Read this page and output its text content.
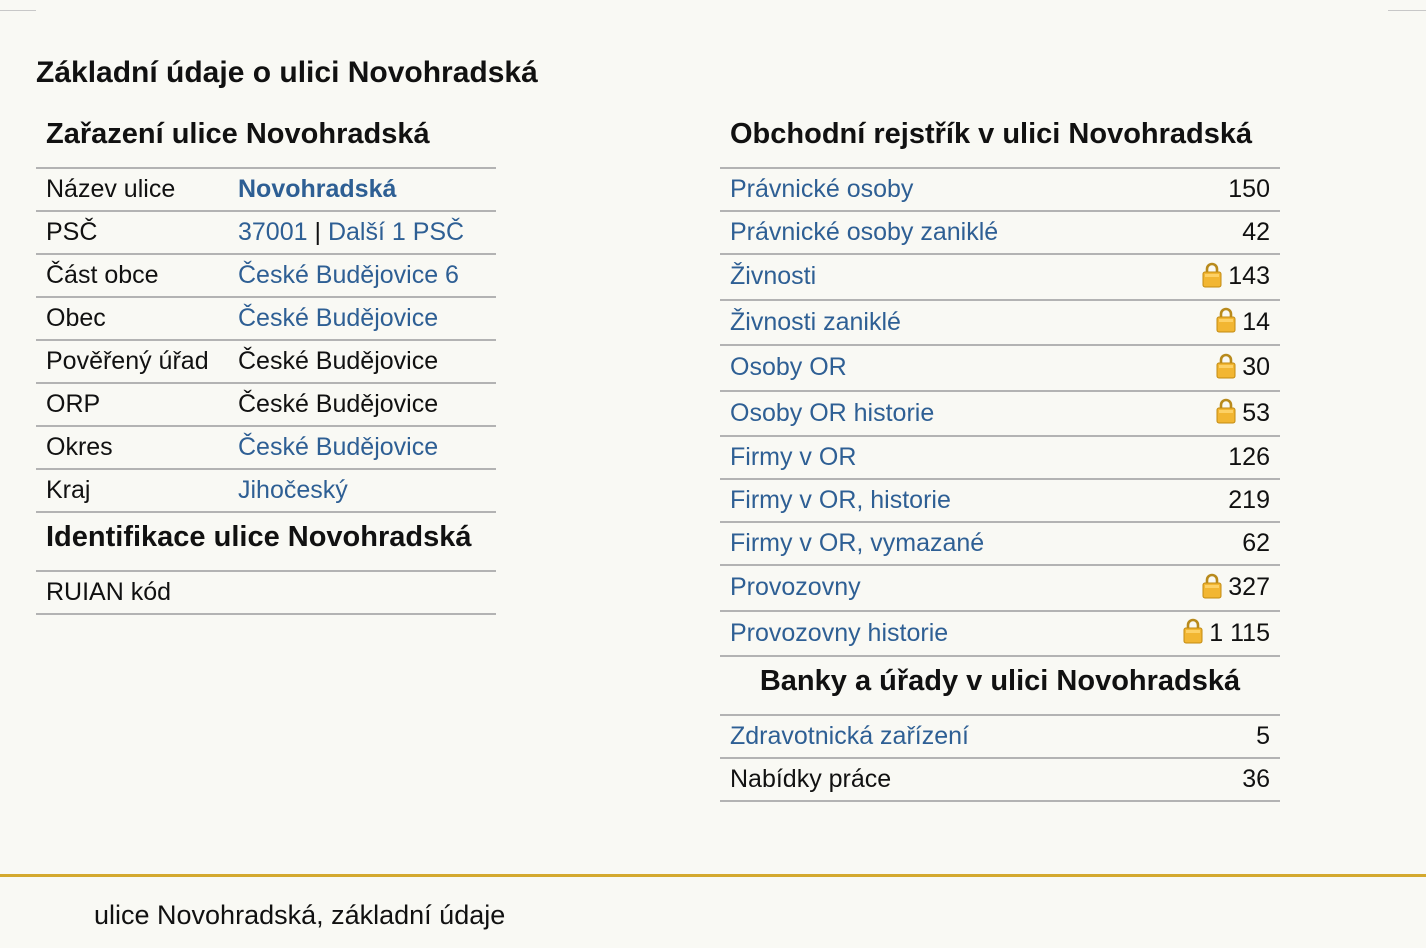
Základní údaje o ulici Novohradská
Zařazení ulice Novohradská
Název ulice	Novohradská
PSČ	37001 | Další 1 PSČ
Část obce	České Budějovice 6
Obec	České Budějovice
Pověřený úřad	České Budějovice
ORP	České Budějovice
Okres	České Budějovice
Kraj	Jihočeský
Identifikace ulice Novohradská
RUIAN kód
Obchodní rejstřík v ulici Novohradská
Právnické osoby	150
Právnické osoby zaniklé	42
Živnosti	143
Živnosti zaniklé	14
Osoby OR	30
Osoby OR historie	53
Firmy v OR	126
Firmy v OR, historie	219
Firmy v OR, vymazané	62
Provozovny	327
Provozovny historie	1 115
Banky a úřady v ulici Novohradská
Zdravotnická zařízení	5
Nabídky práce	36
ulice Novohradská, základní údaje
